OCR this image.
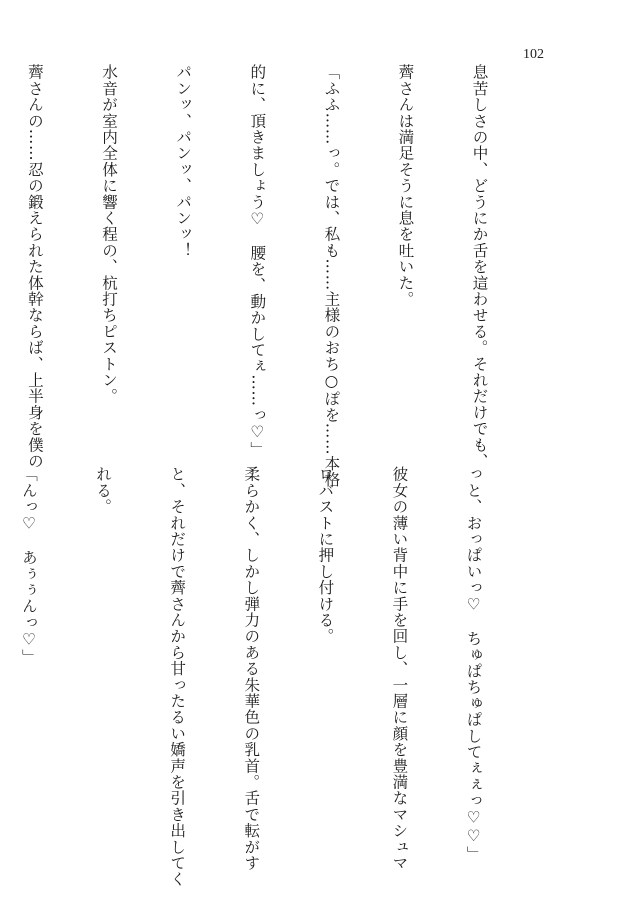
102

息苦しさの中、どうにか舌を這わせる。それだけでも、

薺さんは満足そうに息を吐いた。

「ふふ……っ。では、私も……主様のおち○ぽを……本格

的に、頂きましょう♡　腰を、動かしてぇ……っ♡」

パンッ、パンッ、パンッ！

水音が室内全体に響く程の、杭打ちピストン。

薺さんの……忍の鍛えられた体幹ならば、上半身を僕の

っと、おっぱいっ♡　ちゅぱちゅぱしてぇぇっ♡♡」

彼女の薄い背中に手を回し、一層に顔を豊満なマシュマ

ロバストに押し付ける。

柔らかく、しかし弾力のある朱華色の乳首。舌で転がす

と、それだけで薺さんから甘ったるい嬌声を引き出してく

れる。

「んっ♡　あぅぅんっ♡」
